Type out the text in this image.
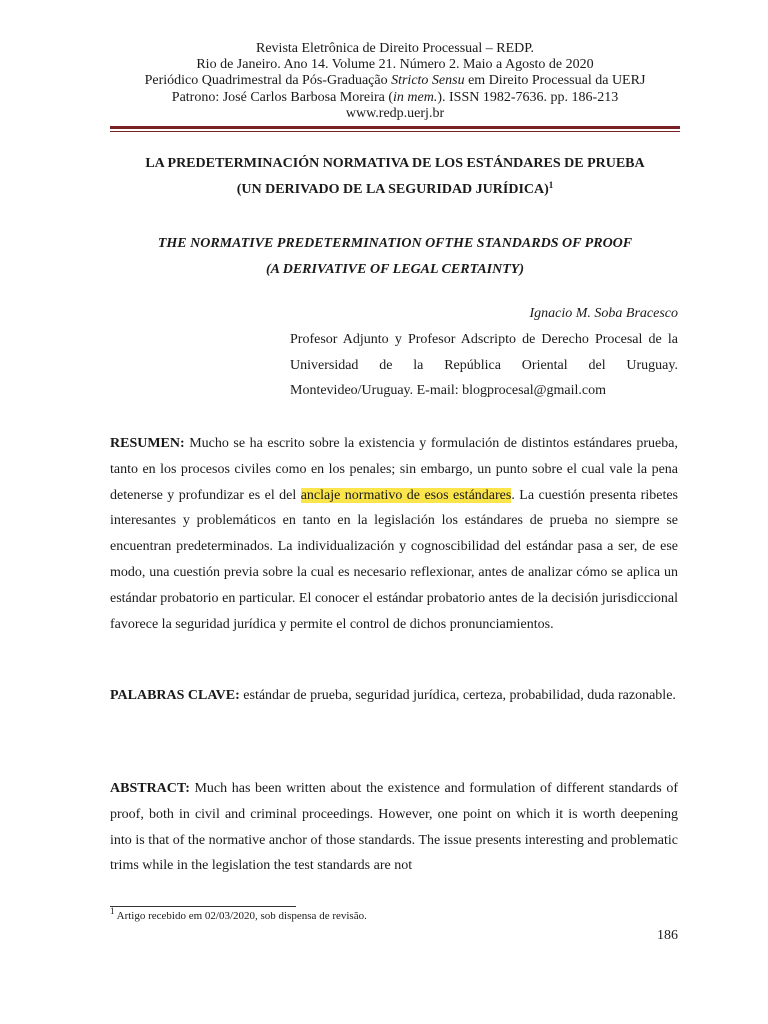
Revista Eletrônica de Direito Processual – REDP.
Rio de Janeiro. Ano 14. Volume 21. Número 2. Maio a Agosto de 2020
Periódico Quadrimestral da Pós-Graduação Stricto Sensu em Direito Processual da UERJ
Patrono: José Carlos Barbosa Moreira (in mem.). ISSN 1982-7636. pp. 186-213
www.redp.uerj.br
LA PREDETERMINACIÓN NORMATIVA DE LOS ESTÁNDARES DE PRUEBA
(UN DERIVADO DE LA SEGURIDAD JURÍDICA)$^1$
THE NORMATIVE PREDETERMINATION OFTHE STANDARDS OF PROOF
(A DERIVATIVE OF LEGAL CERTAINTY)
Ignacio M. Soba Bracesco
Profesor Adjunto y Profesor Adscripto de Derecho Procesal de la Universidad de la República Oriental del Uruguay. Montevideo/Uruguay. E-mail: blogprocesal@gmail.com
RESUMEN: Mucho se ha escrito sobre la existencia y formulación de distintos estándares prueba, tanto en los procesos civiles como en los penales; sin embargo, un punto sobre el cual vale la pena detenerse y profundizar es el del anclaje normativo de esos estándares. La cuestión presenta ribetes interesantes y problemáticos en tanto en la legislación los estándares de prueba no siempre se encuentran predeterminados. La individualización y cognoscibilidad del estándar pasa a ser, de ese modo, una cuestión previa sobre la cual es necesario reflexionar, antes de analizar cómo se aplica un estándar probatorio en particular. El conocer el estándar probatorio antes de la decisión jurisdiccional favorece la seguridad jurídica y permite el control de dichos pronunciamientos.
PALABRAS CLAVE: estándar de prueba, seguridad jurídica, certeza, probabilidad, duda razonable.
ABSTRACT: Much has been written about the existence and formulation of different standards of proof, both in civil and criminal proceedings. However, one point on which it is worth deepening into is that of the normative anchor of those standards. The issue presents interesting and problematic trims while in the legislation the test standards are not
$^1$ Artigo recebido em 02/03/2020, sob dispensa de revisão.
186
